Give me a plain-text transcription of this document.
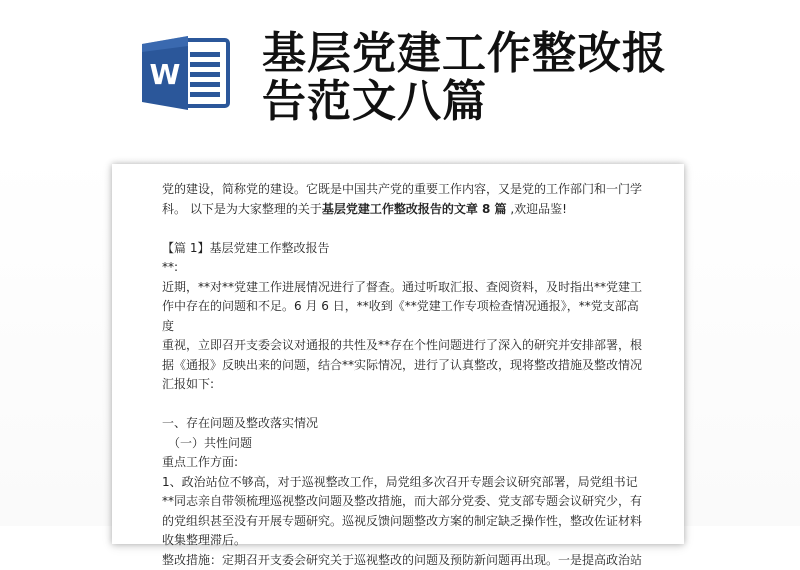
W 基层党建工作整改报
告范文八篇

党的建设，简称党的建设。它既是中国共产党的重要工作内容，又是党的工作部门和一门学

科。 以下是为大家整理的关于基层党建工作整改报告的文章 8 篇 ,欢迎品鉴!

【篇 1】基层党建工作整改报告

**:

近期，**对**党建工作进展情况进行了督查。通过听取汇报、查阅资料，及时指出**党建工

作中存在的问题和不足。6 月 6 日，**收到《**党建工作专项检查情况通报》，**党支部高度

重视，立即召开支委会议对通报的共性及**存在个性问题进行了深入的研究并安排部署，根

据《通报》反映出来的问题，结合**实际情况，进行了认真整改，现将整改措施及整改情况

汇报如下:

一、存在问题及整改落实情况

（一）共性问题

重点工作方面:

1、政治站位不够高，对于巡视整改工作，局党组多次召开专题会议研究部署，局党组书记

**同志亲自带领梳理巡视整改问题及整改措施，而大部分党委、党支部专题会议研究少，有

的党组织甚至没有开展专题研究。巡视反馈问题整改方案的制定缺乏操作性，整改佐证材料

收集整理滞后。

整改措施：定期召开支委会研究关于巡视整改的问题及预防新问题再出现。一是提高政治站
